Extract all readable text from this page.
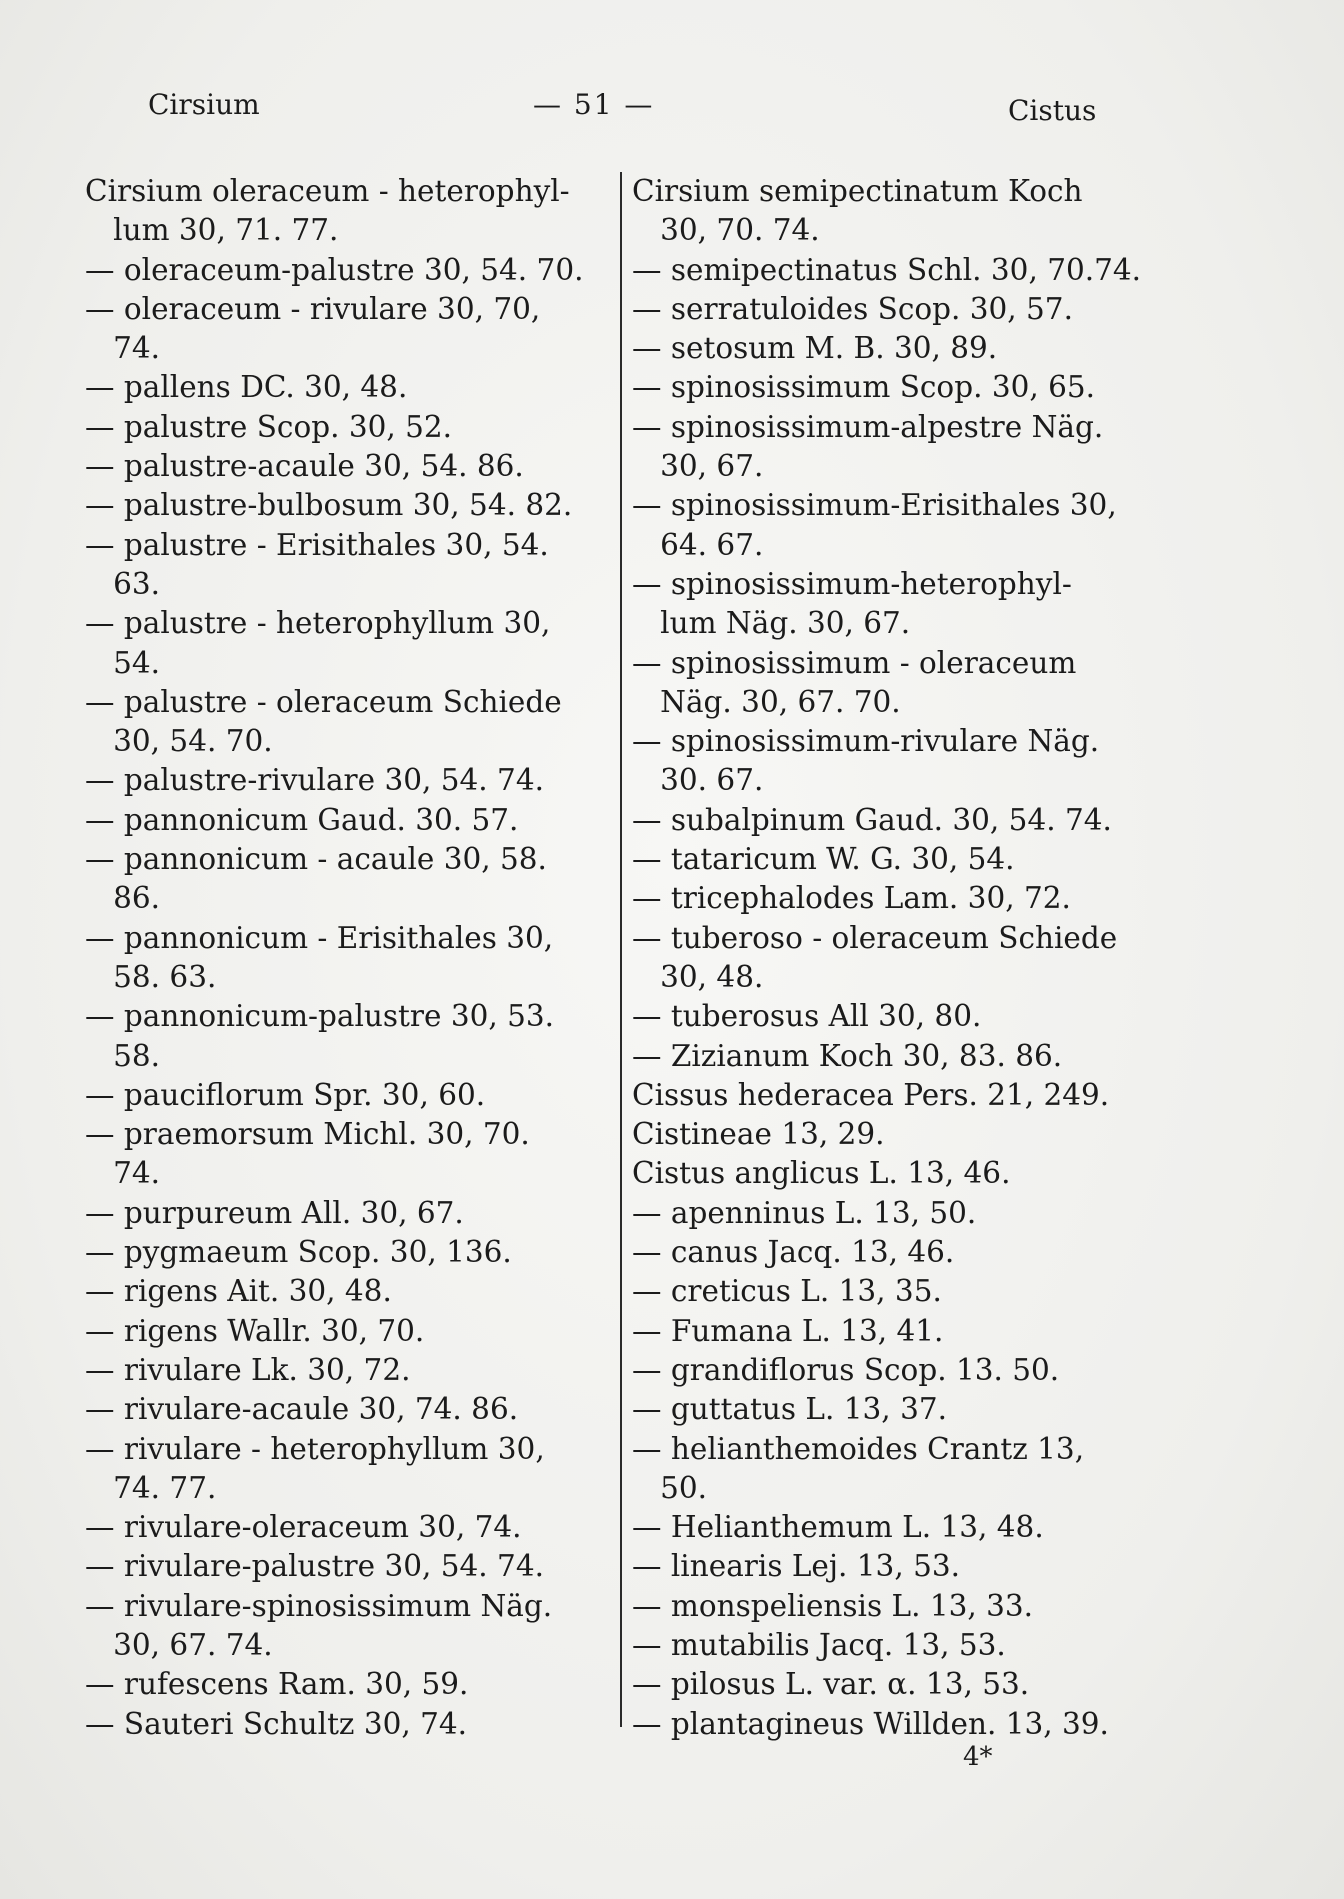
Cirsium	— 51 —	Cistus
Cirsium oleraceum - heterophyl-
lum 30, 71. 77.
— oleraceum-palustre 30, 54. 70.
— oleraceum - rivulare 30, 70,
74.
— pallens DC. 30, 48.
— palustre Scop. 30, 52.
— palustre-acaule 30, 54. 86.
— palustre-bulbosum 30, 54. 82.
— palustre - Erisithales 30, 54.
63.
— palustre - heterophyllum 30,
54.
— palustre - oleraceum Schiede
30, 54. 70.
— palustre-rivulare 30, 54. 74.
— pannonicum Gaud. 30. 57.
— pannonicum - acaule 30, 58.
86.
— pannonicum - Erisithales 30,
58. 63.
— pannonicum-palustre 30, 53.
58.
— pauciflorum Spr. 30, 60.
— praemorsum Michl. 30, 70.
74.
— purpureum All. 30, 67.
— pygmaeum Scop. 30, 136.
— rigens Ait. 30, 48.
— rigens Wallr. 30, 70.
— rivulare Lk. 30, 72.
— rivulare-acaule 30, 74. 86.
— rivulare - heterophyllum 30,
74. 77.
— rivulare-oleraceum 30, 74.
— rivulare-palustre 30, 54. 74.
— rivulare-spinosissimum Näg.
30, 67. 74.
— rufescens Ram. 30, 59.
— Sauteri Schultz 30, 74.
Cirsium semipectinatum Koch
30, 70. 74.
— semipectinatus Schl. 30, 70.74.
— serratuloides Scop. 30, 57.
— setosum M. B. 30, 89.
— spinosissimum Scop. 30, 65.
— spinosissimum-alpestre Näg.
30, 67.
— spinosissimum-Erisithales 30,
64. 67.
— spinosissimum-heterophyl-
lum Näg. 30, 67.
— spinosissimum - oleraceum
Näg. 30, 67. 70.
— spinosissimum-rivulare Näg.
30. 67.
— subalpinum Gaud. 30, 54. 74.
— tataricum W. G. 30, 54.
— tricephalodes Lam. 30, 72.
— tuberoso - oleraceum Schiede
30, 48.
— tuberosus All 30, 80.
— Zizianum Koch 30, 83. 86.
Cissus hederacea Pers. 21, 249.
Cistineae 13, 29.
Cistus anglicus L. 13, 46.
— apenninus L. 13, 50.
— canus Jacq. 13, 46.
— creticus L. 13, 35.
— Fumana L. 13, 41.
— grandiflorus Scop. 13. 50.
— guttatus L. 13, 37.
— helianthemoides Crantz 13,
50.
— Helianthemum L. 13, 48.
— linearis Lej. 13, 53.
— monspeliensis L. 13, 33.
— mutabilis Jacq. 13, 53.
— pilosus L. var. α. 13, 53.
— plantagineus Willden. 13, 39.
4*
